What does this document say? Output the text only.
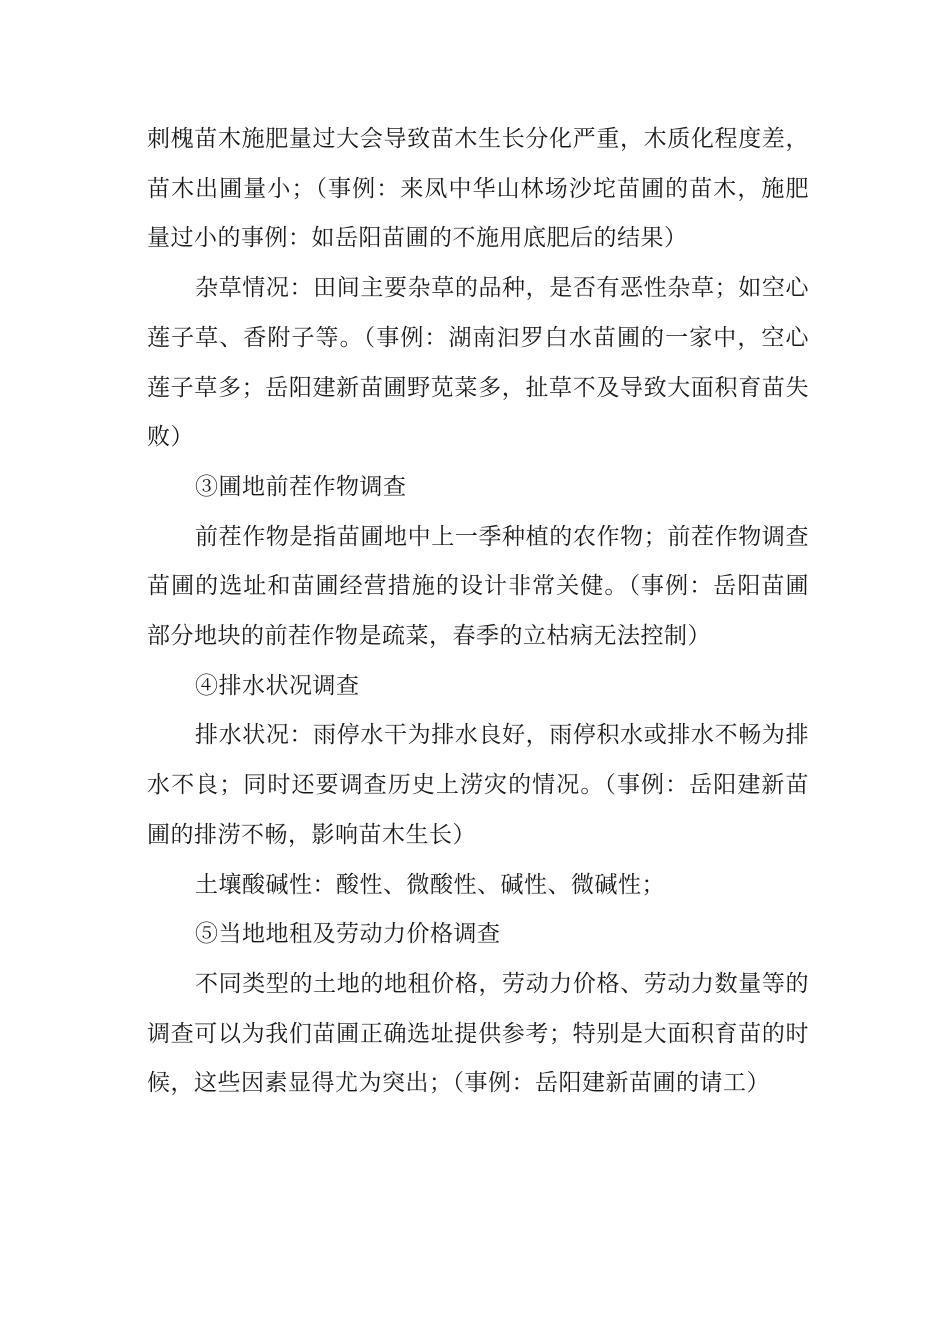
刺槐苗木施肥量过大会导致苗木生长分化严重，木质化程度差，苗木出圃量小；（事例：来凤中华山林场沙坨苗圃的苗木，施肥量过小的事例：如岳阳苗圃的不施用底肥后的结果）

杂草情况：田间主要杂草的品种，是否有恶性杂草；如空心莲子草、香附子等。（事例：湖南汩罗白水苗圃的一家中，空心莲子草多；岳阳建新苗圃野苋菜多，扯草不及导致大面积育苗失败）

③圃地前茬作物调查

前茬作物是指苗圃地中上一季种植的农作物；前茬作物调查苗圃的选址和苗圃经营措施的设计非常关健。（事例：岳阳苗圃部分地块的前茬作物是疏菜，春季的立枯病无法控制）

④排水状况调查

排水状况：雨停水干为排水良好，雨停积水或排水不畅为排水不良；同时还要调查历史上涝灾的情况。（事例：岳阳建新苗圃的排涝不畅，影响苗木生长）

土壤酸碱性：酸性、微酸性、碱性、微碱性；

⑤当地地租及劳动力价格调查

不同类型的土地的地租价格，劳动力价格、劳动力数量等的调查可以为我们苗圃正确选址提供参考；特别是大面积育苗的时候，这些因素显得尤为突出；（事例：岳阳建新苗圃的请工）
